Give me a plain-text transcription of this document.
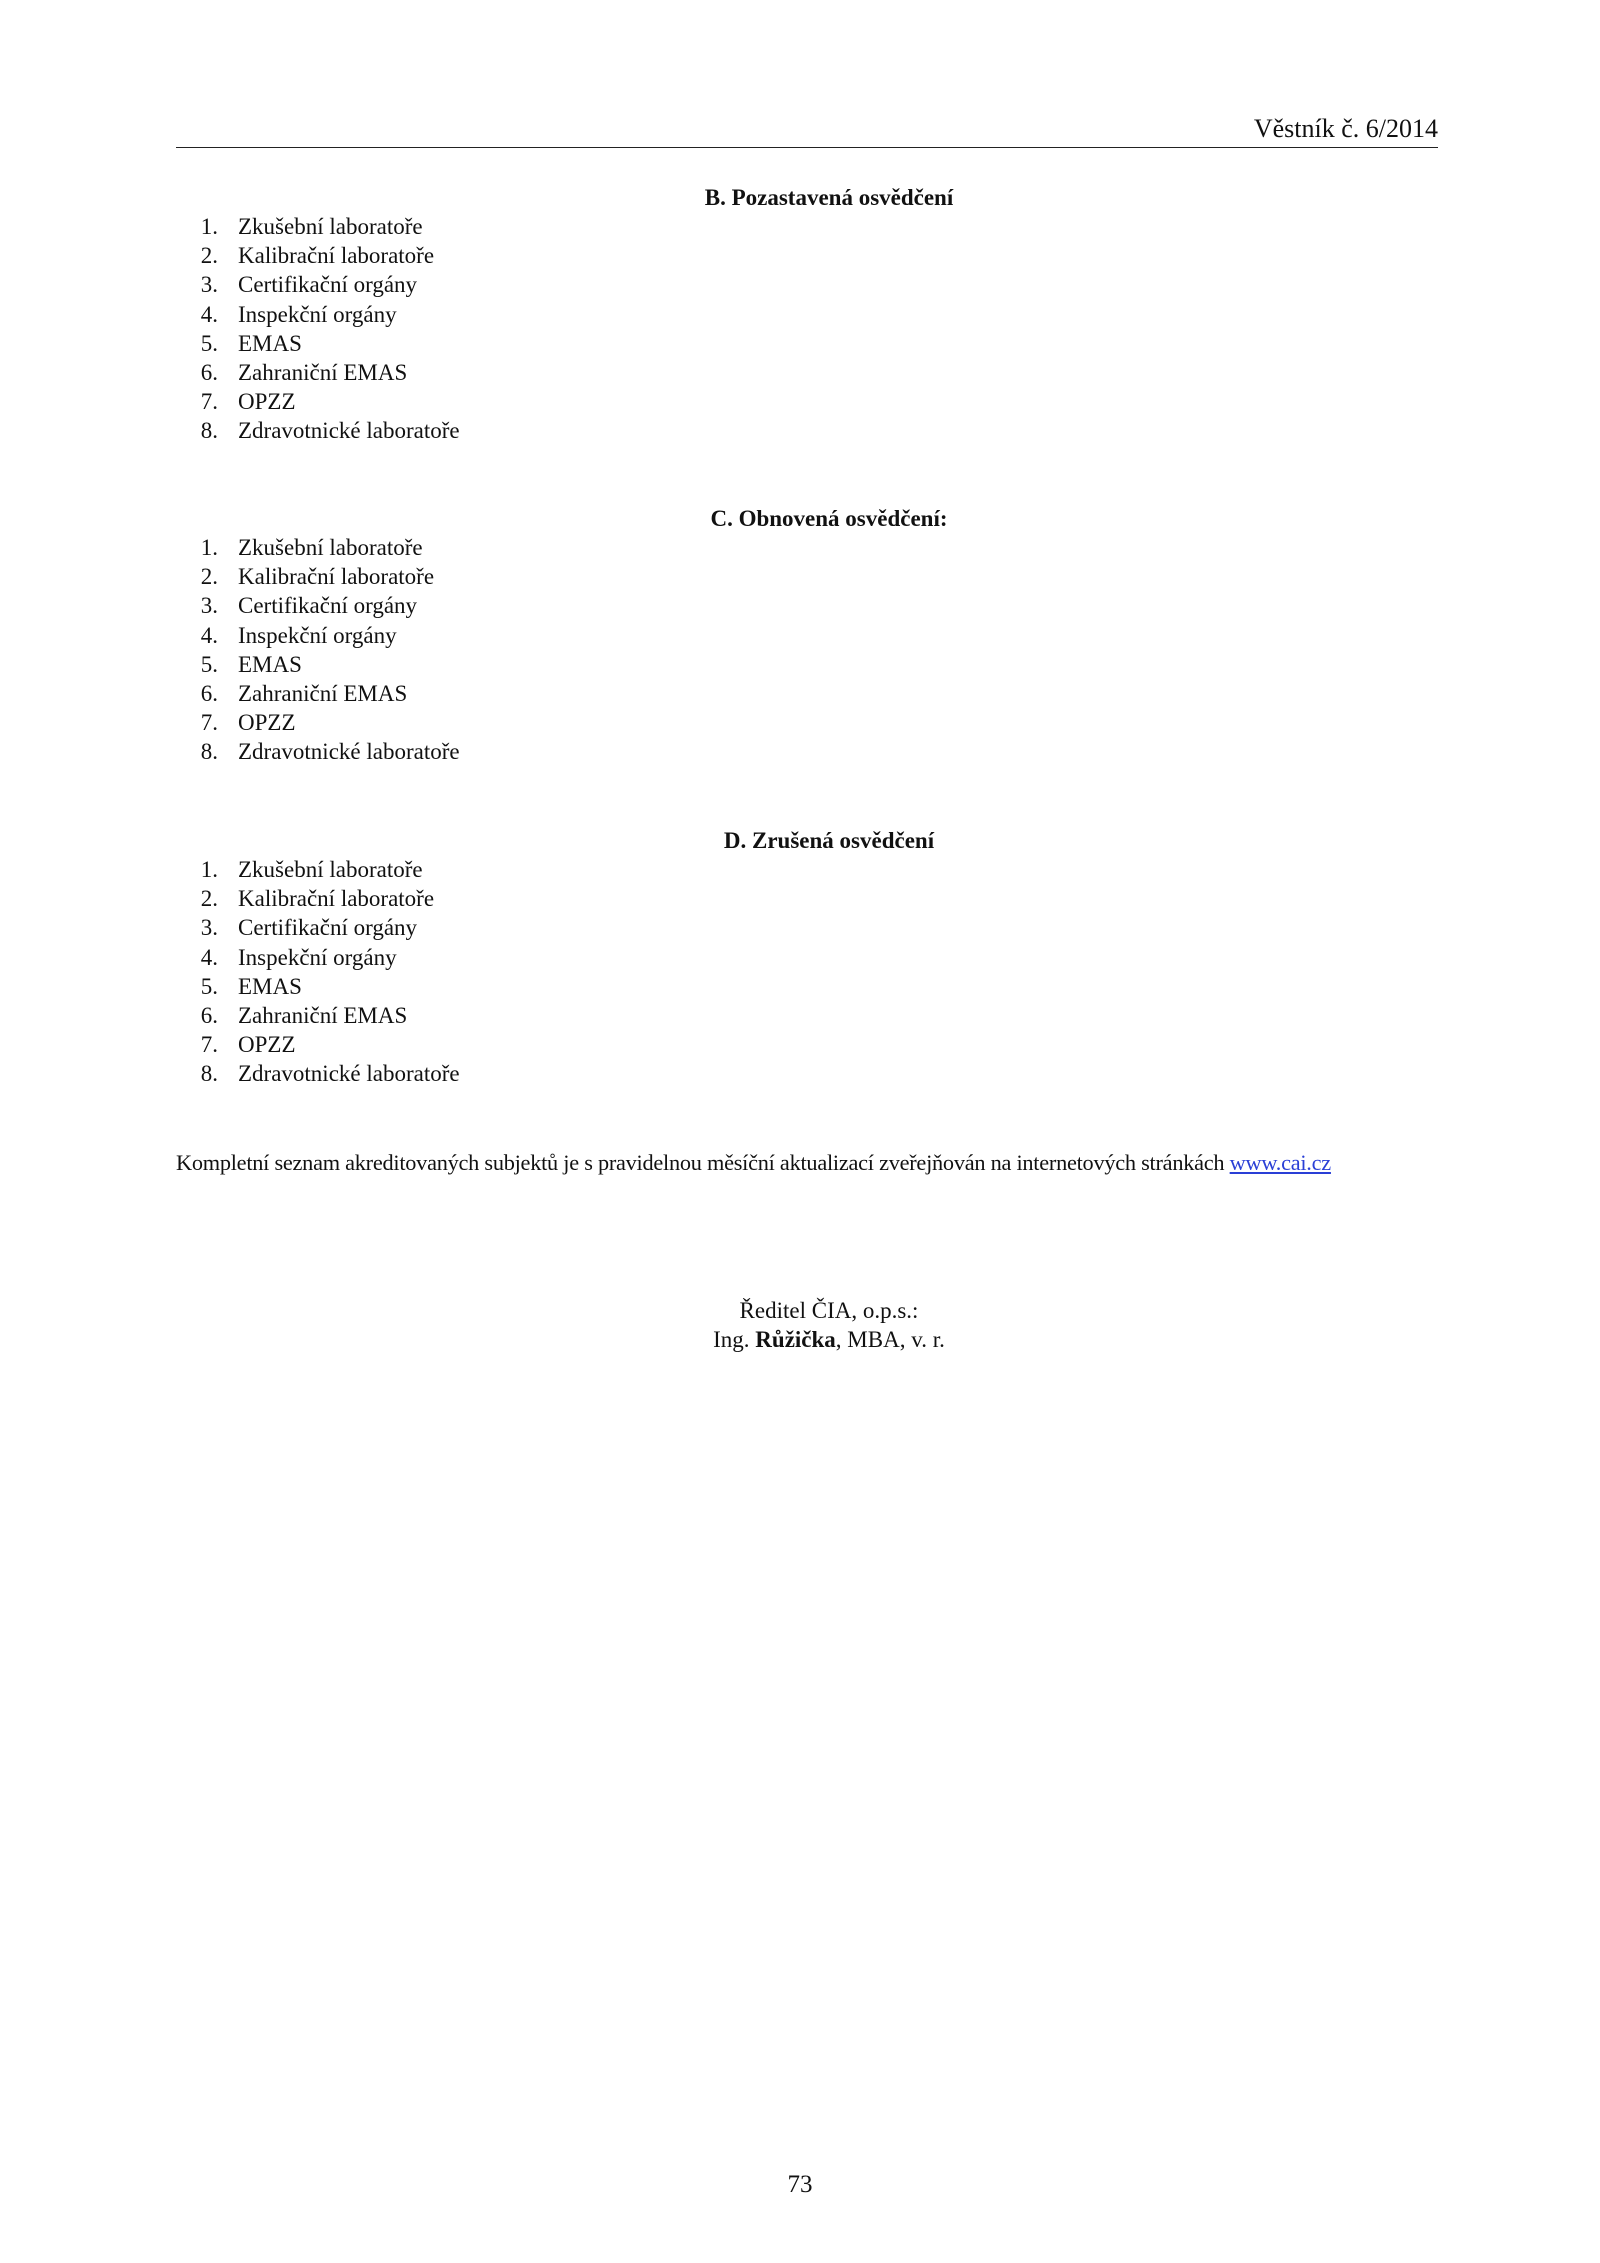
Věstník č. 6/2014
B. Pozastavená osvědčení
1. Zkušební laboratoře
2. Kalibrační laboratoře
3. Certifikační orgány
4. Inspekční orgány
5. EMAS
6. Zahraniční EMAS
7. OPZZ
8. Zdravotnické laboratoře
C. Obnovená osvědčení:
1. Zkušební laboratoře
2. Kalibrační laboratoře
3. Certifikační orgány
4. Inspekční orgány
5. EMAS
6. Zahraniční EMAS
7. OPZZ
8. Zdravotnické laboratoře
D. Zrušená osvědčení
1. Zkušební laboratoře
2. Kalibrační laboratoře
3. Certifikační orgány
4. Inspekční orgány
5. EMAS
6. Zahraniční EMAS
7. OPZZ
8. Zdravotnické laboratoře
Kompletní seznam akreditovaných subjektů je s pravidelnou měsíční aktualizací zveřejňován na internetových stránkách www.cai.cz
Ředitel ČIA, o.p.s.:
Ing. Růžička, MBA, v. r.
73
